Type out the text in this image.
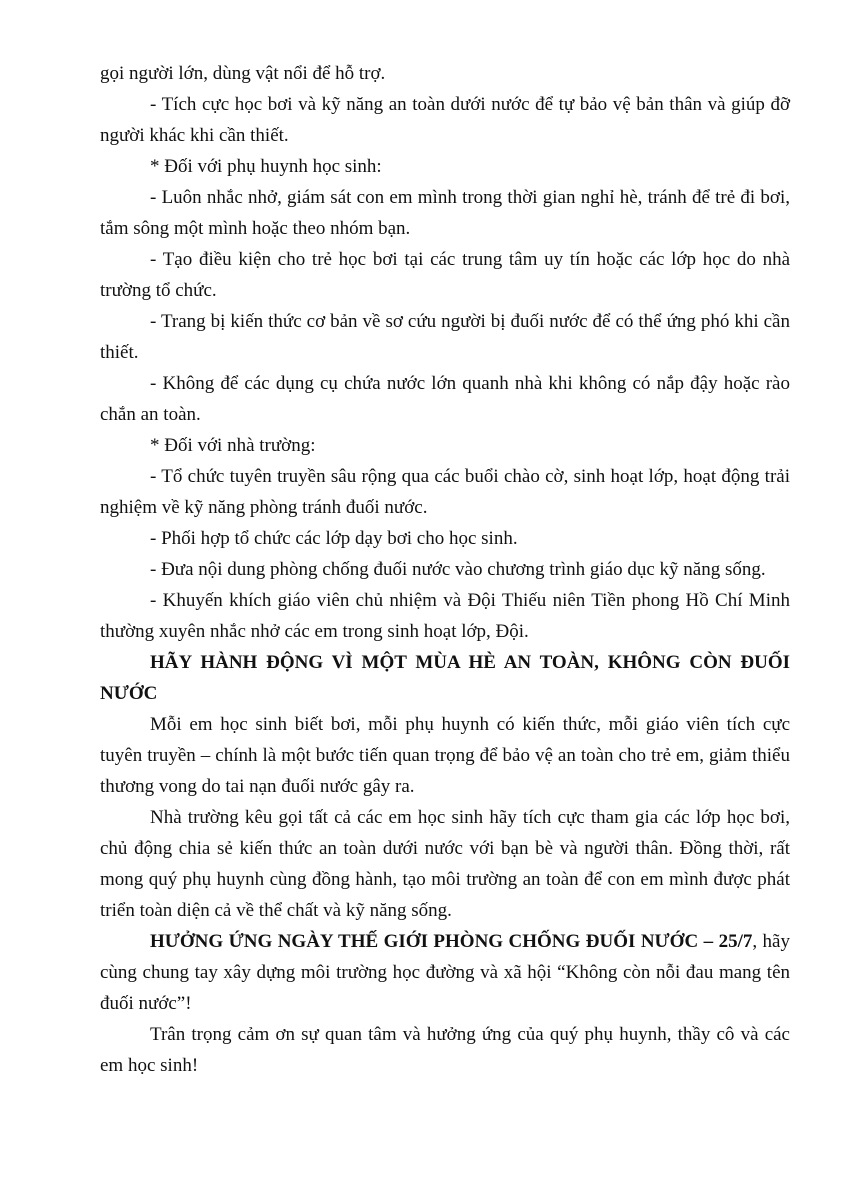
gọi người lớn, dùng vật nổi để hỗ trợ.

- Tích cực học bơi và kỹ năng an toàn dưới nước để tự bảo vệ bản thân và giúp đỡ người khác khi cần thiết.

* Đối với phụ huynh học sinh:

- Luôn nhắc nhở, giám sát con em mình trong thời gian nghỉ hè, tránh để trẻ đi bơi, tắm sông một mình hoặc theo nhóm bạn.

- Tạo điều kiện cho trẻ học bơi tại các trung tâm uy tín hoặc các lớp học do nhà trường tổ chức.

- Trang bị kiến thức cơ bản về sơ cứu người bị đuối nước để có thể ứng phó khi cần thiết.

- Không để các dụng cụ chứa nước lớn quanh nhà khi không có nắp đậy hoặc rào chắn an toàn.

* Đối với nhà trường:

- Tổ chức tuyên truyền sâu rộng qua các buổi chào cờ, sinh hoạt lớp, hoạt động trải nghiệm về kỹ năng phòng tránh đuối nước.

- Phối hợp tổ chức các lớp dạy bơi cho học sinh.

- Đưa nội dung phòng chống đuối nước vào chương trình giáo dục kỹ năng sống.

- Khuyến khích giáo viên chủ nhiệm và Đội Thiếu niên Tiền phong Hồ Chí Minh thường xuyên nhắc nhở các em trong sinh hoạt lớp, Đội.

HÃY HÀNH ĐỘNG VÌ MỘT MÙA HÈ AN TOÀN, KHÔNG CÒN ĐUỐI NƯỚC

Mỗi em học sinh biết bơi, mỗi phụ huynh có kiến thức, mỗi giáo viên tích cực tuyên truyền – chính là một bước tiến quan trọng để bảo vệ an toàn cho trẻ em, giảm thiểu thương vong do tai nạn đuối nước gây ra.

Nhà trường kêu gọi tất cả các em học sinh hãy tích cực tham gia các lớp học bơi, chủ động chia sẻ kiến thức an toàn dưới nước với bạn bè và người thân. Đồng thời, rất mong quý phụ huynh cùng đồng hành, tạo môi trường an toàn để con em mình được phát triển toàn diện cả về thể chất và kỹ năng sống.

HƯỞNG ỨNG NGÀY THẾ GIỚI PHÒNG CHỐNG ĐUỐI NƯỚC – 25/7, hãy cùng chung tay xây dựng môi trường học đường và xã hội “Không còn nỗi đau mang tên đuối nước”!

Trân trọng cảm ơn sự quan tâm và hưởng ứng của quý phụ huynh, thầy cô và các em học sinh!
